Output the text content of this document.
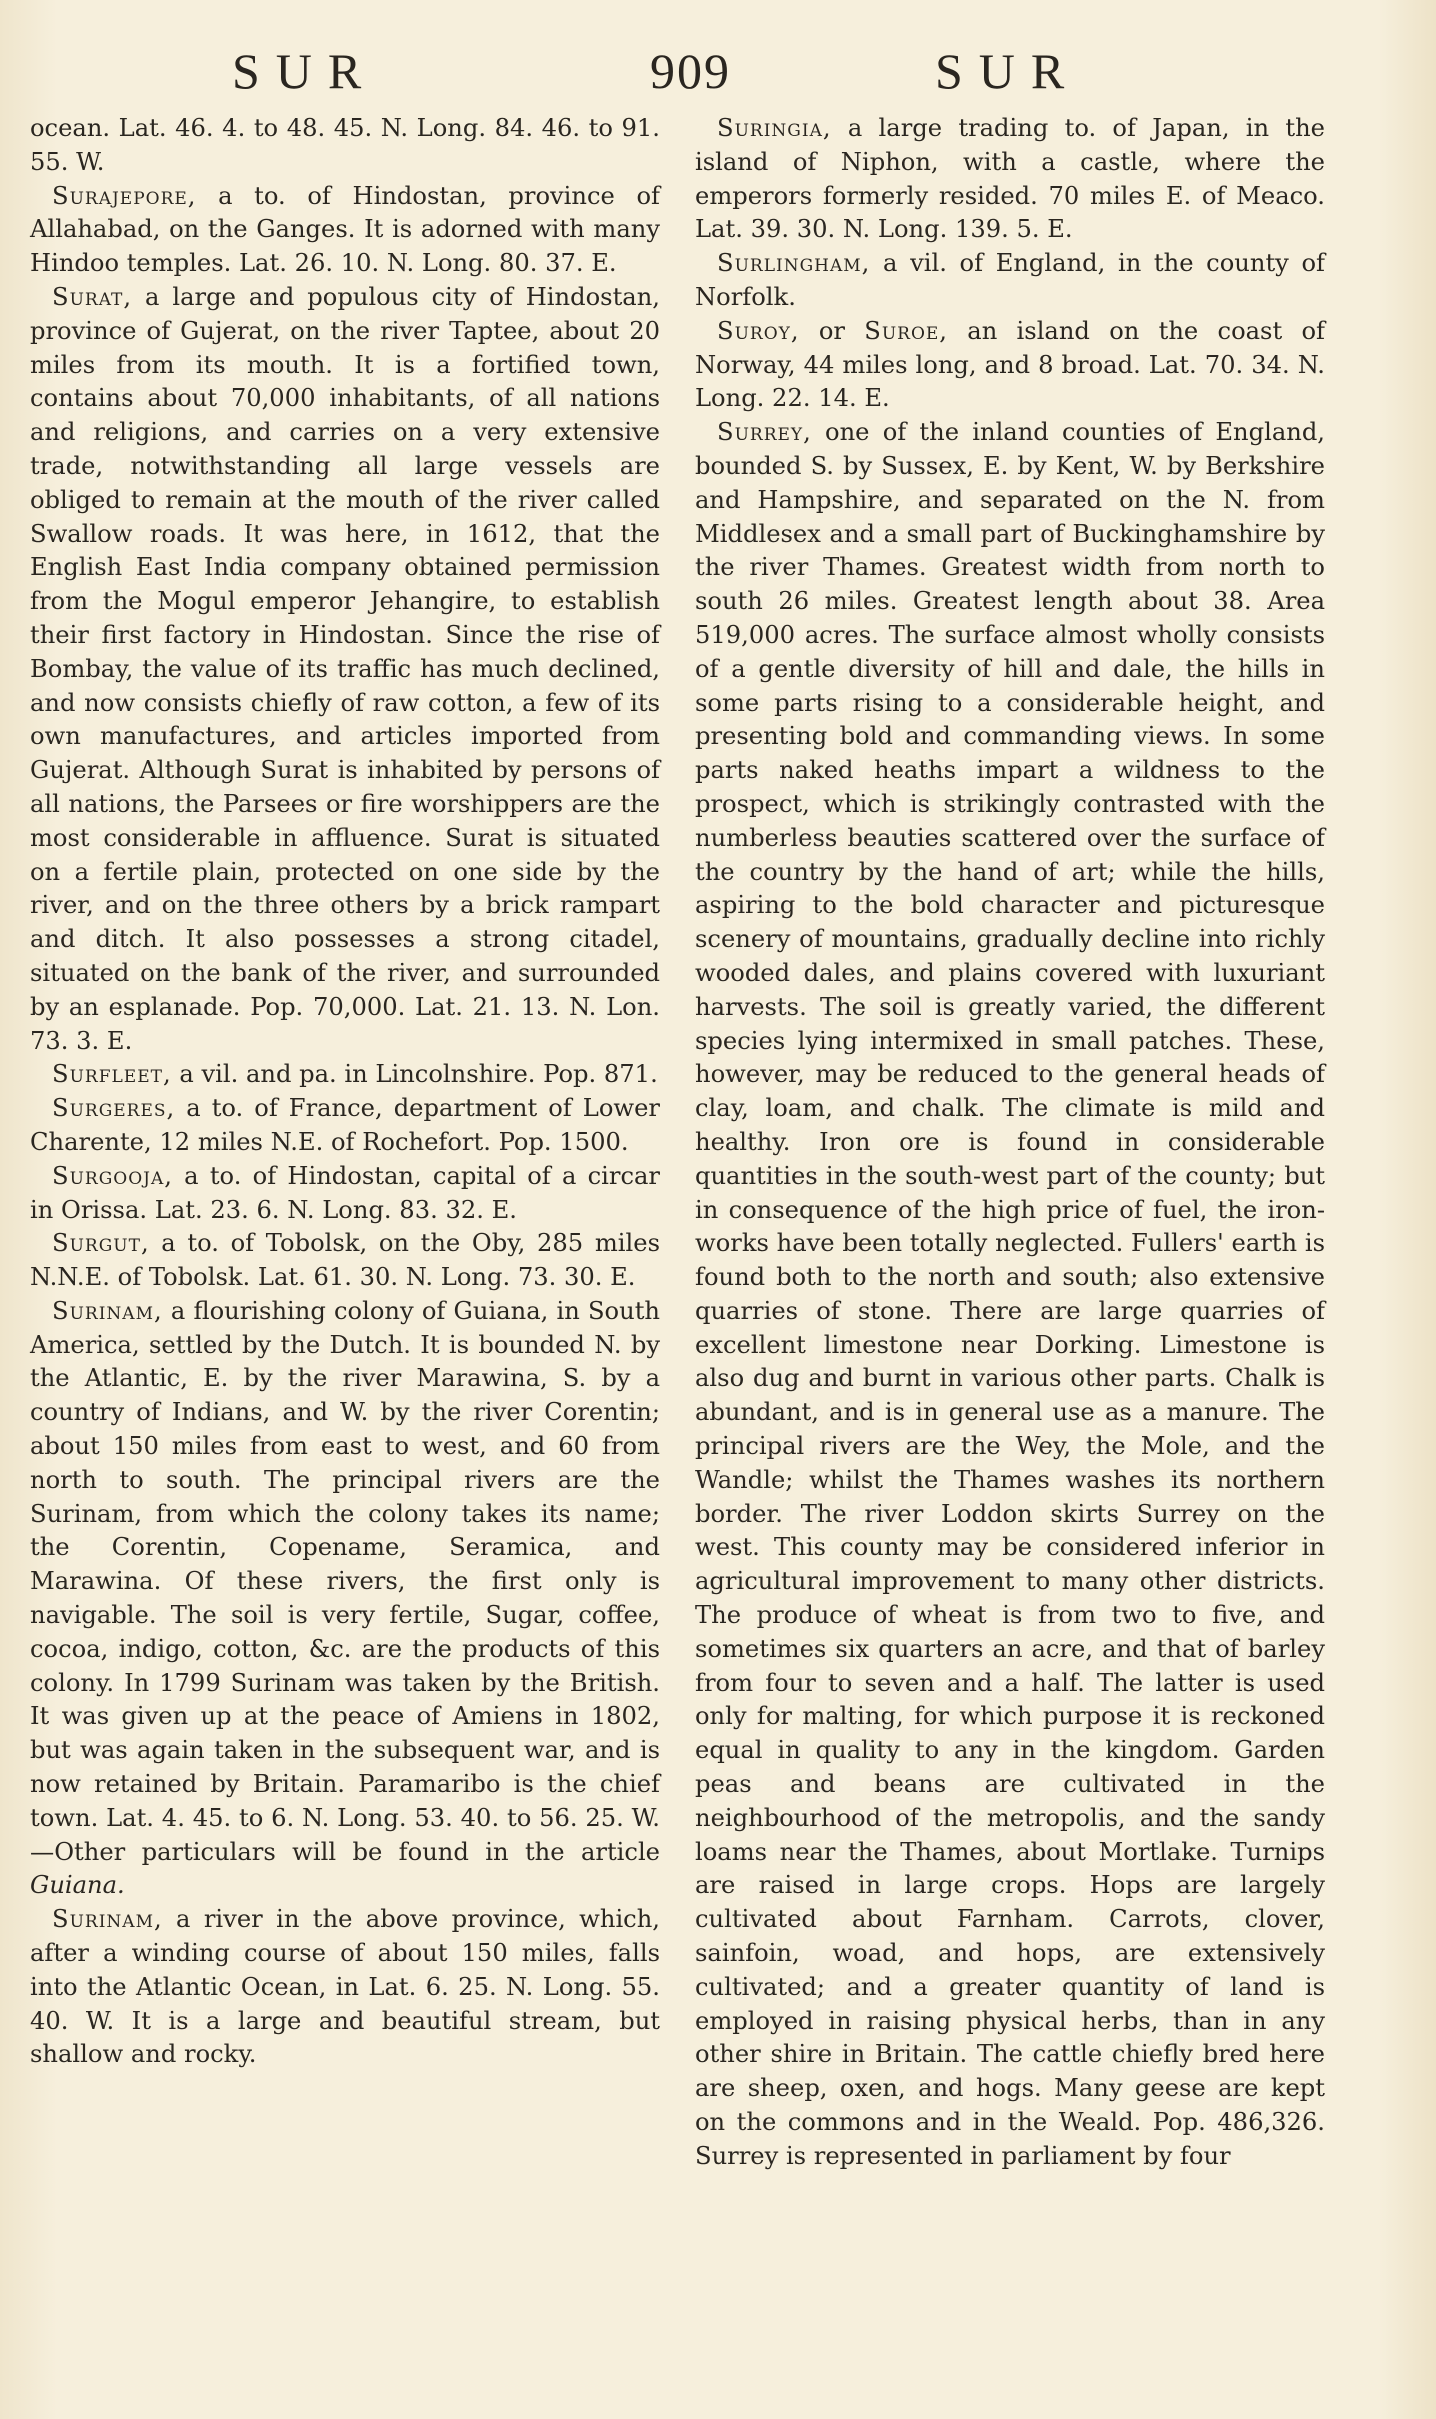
SUR	909	SUR

ocean. Lat. 46. 4. to 48. 45. N. Long. 84. 46. to 91. 55. W.

Surajepore, a to. of Hindostan, province of Allahabad, on the Ganges. It is adorned with many Hindoo temples. Lat. 26. 10. N. Long. 80. 37. E.

Surat, a large and populous city of Hindostan, province of Gujerat, on the river Taptee, about 20 miles from its mouth. It is a fortified town, contains about 70,000 inhabitants, of all nations and religions, and carries on a very extensive trade, notwithstanding all large vessels are obliged to remain at the mouth of the river called Swallow roads. It was here, in 1612, that the English East India company obtained permission from the Mogul emperor Jehangire, to establish their first factory in Hindostan. Since the rise of Bombay, the value of its traffic has much declined, and now consists chiefly of raw cotton, a few of its own manufactures, and articles imported from Gujerat. Although Surat is inhabited by persons of all nations, the Parsees or fire worshippers are the most considerable in affluence. Surat is situated on a fertile plain, protected on one side by the river, and on the three others by a brick rampart and ditch. It also possesses a strong citadel, situated on the bank of the river, and surrounded by an esplanade. Pop. 70,000. Lat. 21. 13. N. Lon. 73. 3. E.

Surfleet, a vil. and pa. in Lincolnshire. Pop. 871.

Surgeres, a to. of France, department of Lower Charente, 12 miles N.E. of Rochefort. Pop. 1500.

Surgooja, a to. of Hindostan, capital of a circar in Orissa. Lat. 23. 6. N. Long. 83. 32. E.

Surgut, a to. of Tobolsk, on the Oby, 285 miles N.N.E. of Tobolsk. Lat. 61. 30. N. Long. 73. 30. E.

Surinam, a flourishing colony of Guiana, in South America, settled by the Dutch. It is bounded N. by the Atlantic, E. by the river Marawina, S. by a country of Indians, and W. by the river Corentin; about 150 miles from east to west, and 60 from north to south. The principal rivers are the Surinam, from which the colony takes its name; the Corentin, Copename, Seramica, and Marawina. Of these rivers, the first only is navigable. The soil is very fertile, Sugar, coffee, cocoa, indigo, cotton, &c. are the products of this colony. In 1799 Surinam was taken by the British. It was given up at the peace of Amiens in 1802, but was again taken in the subsequent war, and is now retained by Britain. Paramaribo is the chief town. Lat. 4. 45. to 6. N. Long. 53. 40. to 56. 25. W.—Other particulars will be found in the article Guiana.

Surinam, a river in the above province, which, after a winding course of about 150 miles, falls into the Atlantic Ocean, in Lat. 6. 25. N. Long. 55. 40. W. It is a large and beautiful stream, but shallow and rocky.

Suringia, a large trading to. of Japan, in the island of Niphon, with a castle, where the emperors formerly resided. 70 miles E. of Meaco. Lat. 39. 30. N. Long. 139. 5. E.

Surlingham, a vil. of England, in the county of Norfolk.

Suroy, or Suroe, an island on the coast of Norway, 44 miles long, and 8 broad. Lat. 70. 34. N. Long. 22. 14. E.

Surrey, one of the inland counties of England, bounded S. by Sussex, E. by Kent, W. by Berkshire and Hampshire, and separated on the N. from Middlesex and a small part of Buckinghamshire by the river Thames. Greatest width from north to south 26 miles. Greatest length about 38. Area 519,000 acres. The surface almost wholly consists of a gentle diversity of hill and dale, the hills in some parts rising to a considerable height, and presenting bold and commanding views. In some parts naked heaths impart a wildness to the prospect, which is strikingly contrasted with the numberless beauties scattered over the surface of the country by the hand of art; while the hills, aspiring to the bold character and picturesque scenery of mountains, gradually decline into richly wooded dales, and plains covered with luxuriant harvests. The soil is greatly varied, the different species lying intermixed in small patches. These, however, may be reduced to the general heads of clay, loam, and chalk. The climate is mild and healthy. Iron ore is found in considerable quantities in the south-west part of the county; but in consequence of the high price of fuel, the iron-works have been totally neglected. Fullers' earth is found both to the north and south; also extensive quarries of stone. There are large quarries of excellent limestone near Dorking. Limestone is also dug and burnt in various other parts. Chalk is abundant, and is in general use as a manure. The principal rivers are the Wey, the Mole, and the Wandle; whilst the Thames washes its northern border. The river Loddon skirts Surrey on the west. This county may be considered inferior in agricultural improvement to many other districts. The produce of wheat is from two to five, and sometimes six quarters an acre, and that of barley from four to seven and a half. The latter is used only for malting, for which purpose it is reckoned equal in quality to any in the kingdom. Garden peas and beans are cultivated in the neighbourhood of the metropolis, and the sandy loams near the Thames, about Mortlake. Turnips are raised in large crops. Hops are largely cultivated about Farnham. Carrots, clover, sainfoin, woad, and hops, are extensively cultivated; and a greater quantity of land is employed in raising physical herbs, than in any other shire in Britain. The cattle chiefly bred here are sheep, oxen, and hogs. Many geese are kept on the commons and in the Weald. Pop. 486,326. Surrey is represented in parliament by four
